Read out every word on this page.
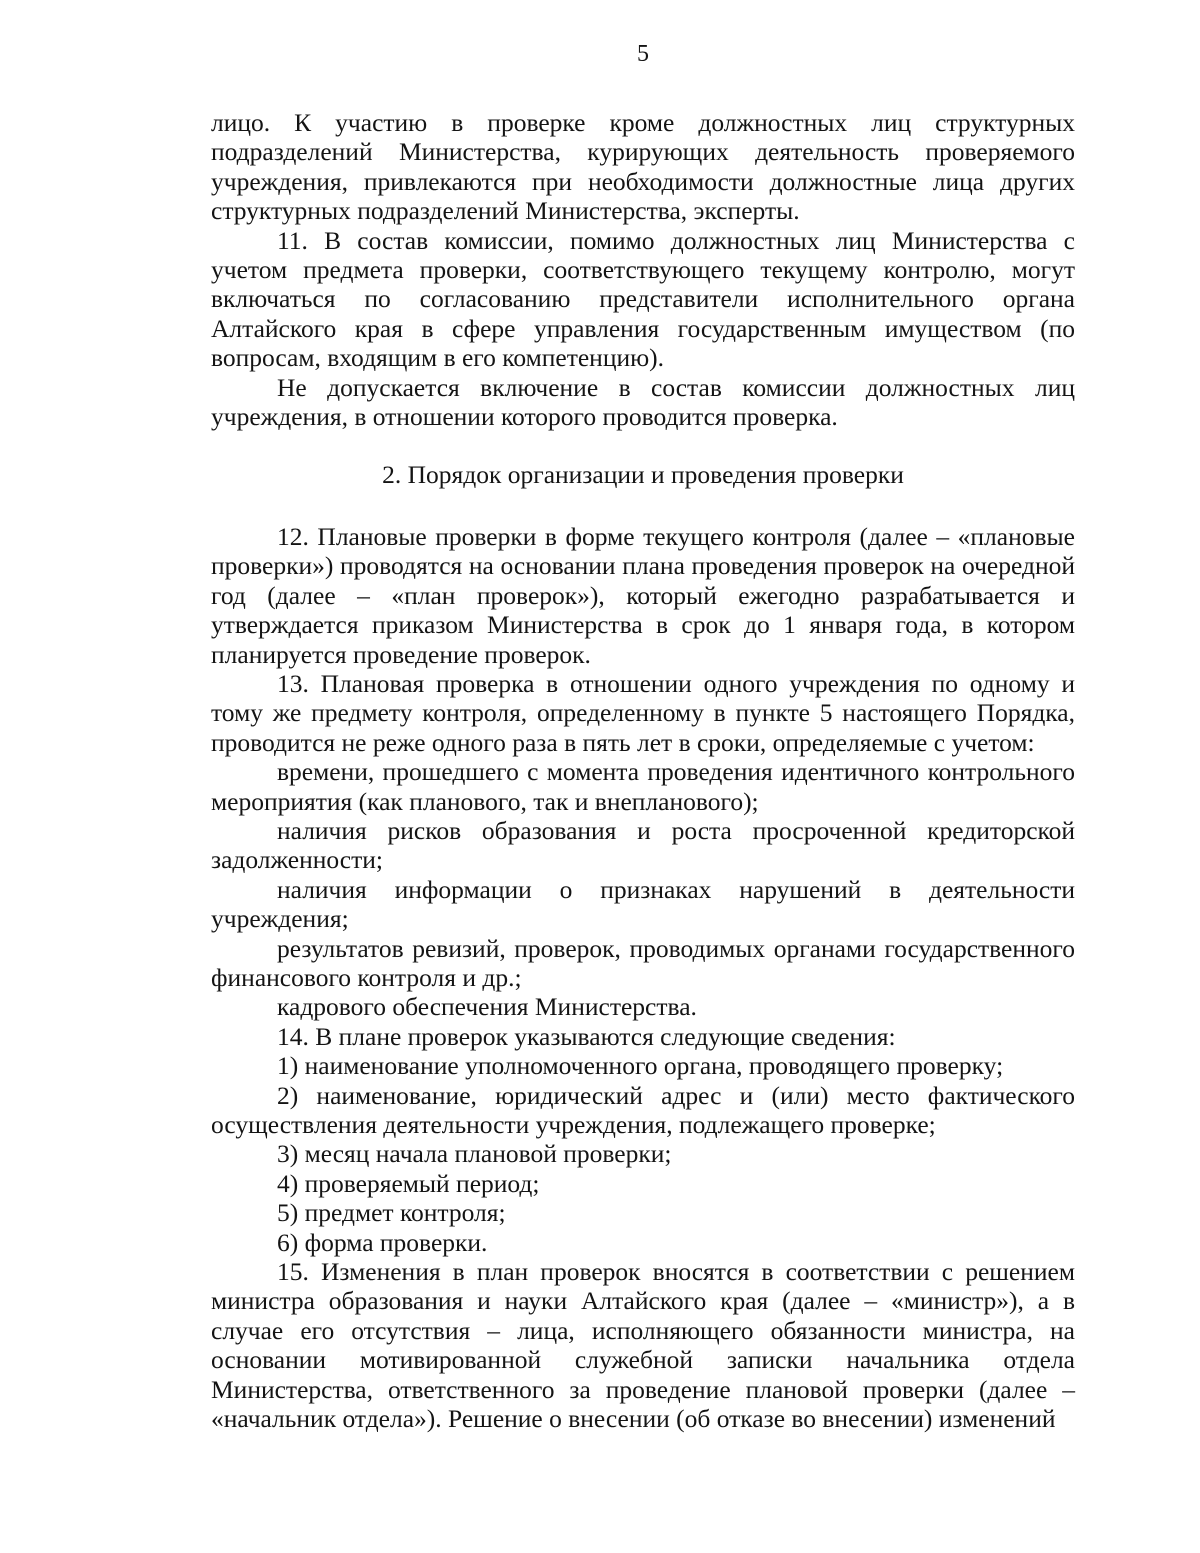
5

лицо. К участию в проверке кроме должностных лиц структурных подразделений Министерства, курирующих деятельность проверяемого учреждения, привлекаются при необходимости должностные лица других структурных подразделений Министерства, эксперты.

11. В состав комиссии, помимо должностных лиц Министерства с учетом предмета проверки, соответствующего текущему контролю, могут включаться по согласованию представители исполнительного органа Алтайского края в сфере управления государственным имуществом (по вопросам, входящим в его компетенцию).

Не допускается включение в состав комиссии должностных лиц учреждения, в отношении которого проводится проверка.

2. Порядок организации и проведения проверки

12. Плановые проверки в форме текущего контроля (далее – «плановые проверки») проводятся на основании плана проведения проверок на очередной год (далее – «план проверок»), который ежегодно разрабатывается и утверждается приказом Министерства в срок до 1 января года, в котором планируется проведение проверок.

13. Плановая проверка в отношении одного учреждения по одному и тому же предмету контроля, определенному в пункте 5 настоящего Порядка, проводится не реже одного раза в пять лет в сроки, определяемые с учетом:

времени, прошедшего с момента проведения идентичного контрольного мероприятия (как планового, так и внепланового);

наличия рисков образования и роста просроченной кредиторской задолженности;

наличия информации о признаках нарушений в деятельности учреждения;

результатов ревизий, проверок, проводимых органами государственного финансового контроля и др.;

кадрового обеспечения Министерства.

14. В плане проверок указываются следующие сведения:

1) наименование уполномоченного органа, проводящего проверку;

2) наименование, юридический адрес и (или) место фактического осуществления деятельности учреждения, подлежащего проверке;

3) месяц начала плановой проверки;

4) проверяемый период;

5) предмет контроля;

6) форма проверки.

15. Изменения в план проверок вносятся в соответствии с решением министра образования и науки Алтайского края (далее – «министр»), а в случае его отсутствия – лица, исполняющего обязанности министра, на основании мотивированной служебной записки начальника отдела Министерства, ответственного за проведение плановой проверки (далее – «начальник отдела»). Решение о внесении (об отказе во внесении) изменений
